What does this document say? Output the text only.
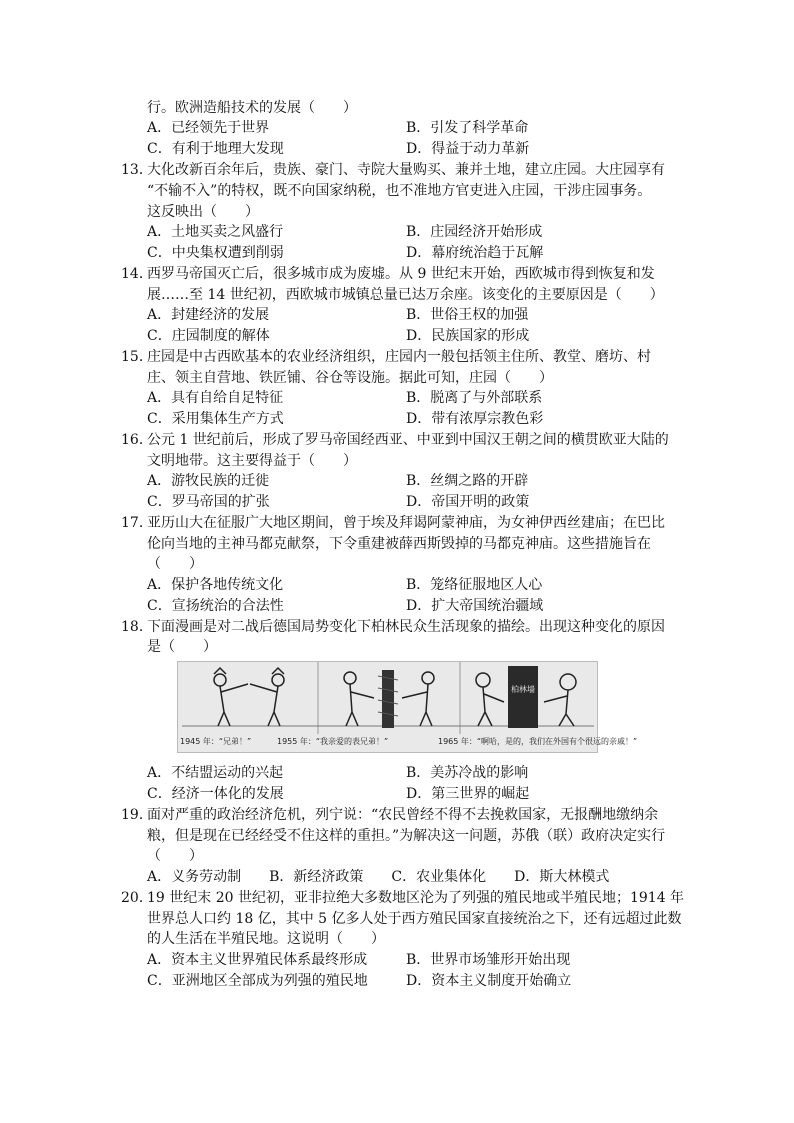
行。欧洲造船技术的发展（　　）
A．已经领先于世界	B．引发了科学革命
C．有利于地理大发现	D．得益于动力革新
13．
大化改新百余年后，贵族、豪门、寺院大量购买、兼并土地，建立庄园。大庄园享有
“不输不入”的特权，既不向国家纳税，也不准地方官吏进入庄园，干涉庄园事务。
这反映出（　　）
A．土地买卖之风盛行	B．庄园经济开始形成
C．中央集权遭到削弱	D．幕府统治趋于瓦解
14．
西罗马帝国灭亡后，很多城市成为废墟。从 9 世纪末开始，西欧城市得到恢复和发
展……至 14 世纪初，西欧城市城镇总量已达万余座。该变化的主要原因是（　　）
A．封建经济的发展	B．世俗王权的加强
C．庄园制度的解体	D．民族国家的形成
15．
庄园是中古西欧基本的农业经济组织，庄园内一般包括领主住所、教堂、磨坊、村
庄、领主自营地、铁匠铺、谷仓等设施。据此可知，庄园（　　）
A．具有自给自足特征	B．脱离了与外部联系
C．采用集体生产方式	D．带有浓厚宗教色彩
16．
公元 1 世纪前后，形成了罗马帝国经西亚、中亚到中国汉王朝之间的横贯欧亚大陆的
文明地带。这主要得益于（　　）
A．游牧民族的迁徙	B．丝绸之路的开辟
C．罗马帝国的扩张	D．帝国开明的政策
17．
亚历山大在征服广大地区期间，曾于埃及拜谒阿蒙神庙，为女神伊西丝建庙；在巴比
伦向当地的主神马都克献祭，下令重建被薛西斯毁掉的马都克神庙。这些措施旨在
（　　）
A．保护各地传统文化	B．笼络征服地区人心
C．宣扬统治的合法性	D．扩大帝国统治疆域
18．
下面漫画是对二战后德国局势变化下柏林民众生活现象的描绘。出现这种变化的原因
是（　　）
柏林墙
1945 年：“兄弟！”	1955 年：“我亲爱的表兄弟！”	1965 年：“啊哈，是的，我们在外国有个很远的亲戚！”
A．不结盟运动的兴起	B．美苏冷战的影响
C．经济一体化的发展	D．第三世界的崛起
19．
面对严重的政治经济危机，列宁说：“农民曾经不得不去挽救国家，无报酬地缴纳余
粮，但是现在已经经受不住这样的重担。”为解决这一问题，苏俄（联）政府决定实行
（　　）
A．义务劳动制　　B．新经济政策　　C．农业集体化　　D．斯大林模式
20．
19 世纪末 20 世纪初，亚非拉绝大多数地区沦为了列强的殖民地或半殖民地；1914 年
世界总人口约 18 亿，其中 5 亿多人处于西方殖民国家直接统治之下，还有远超过此数
的人生活在半殖民地。这说明（　　）
A．资本主义世界殖民体系最终形成	B．世界市场雏形开始出现
C．亚洲地区全部成为列强的殖民地	D．资本主义制度开始确立
